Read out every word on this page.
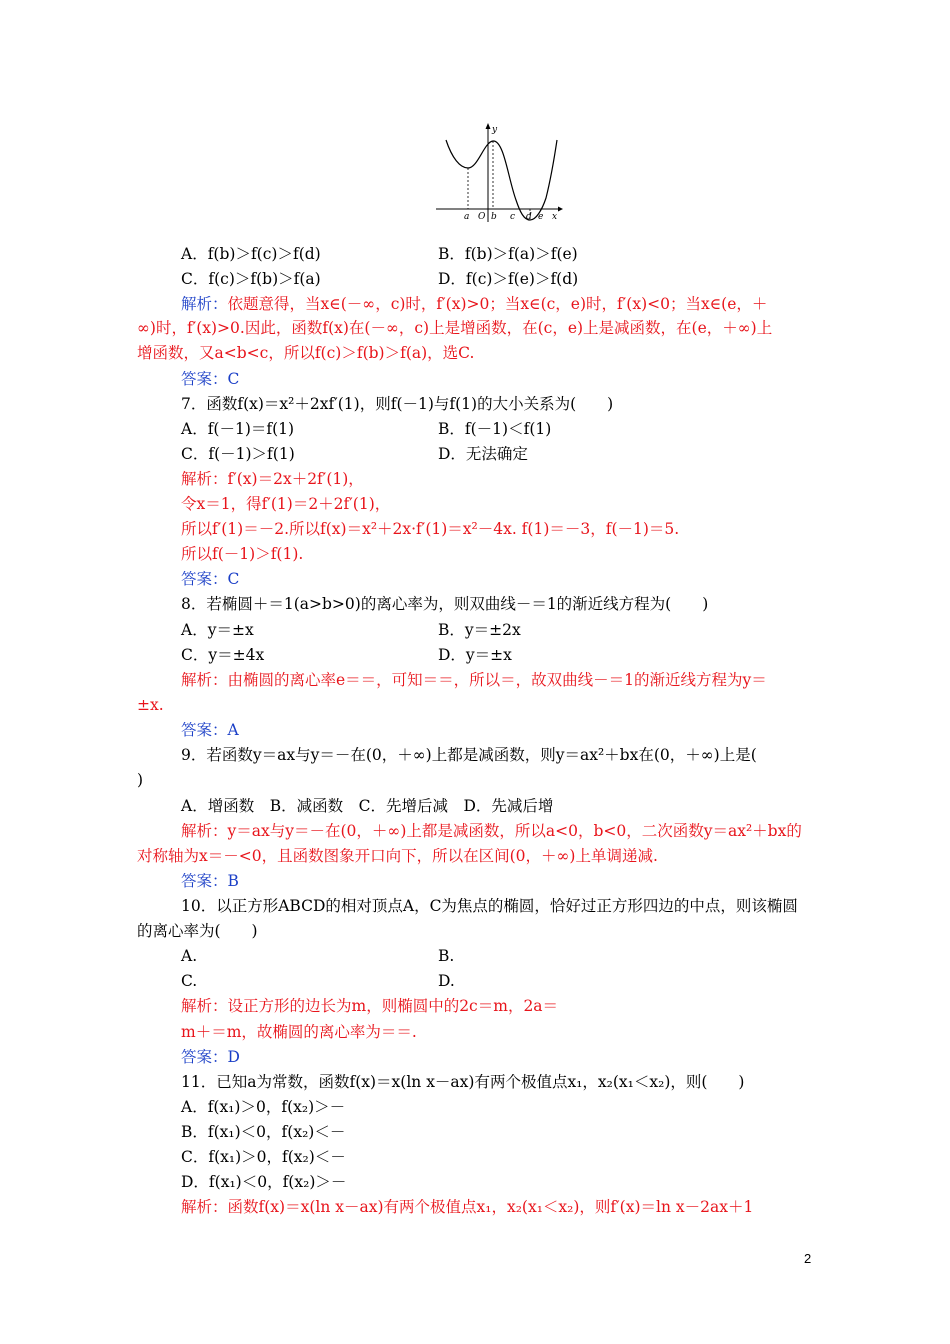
y
x
O
a b c d e
A．f(b)＞f(c)＞f(d)	B．f(b)＞f(a)＞f(e)
C．f(c)＞f(b)＞f(a)	D．f(c)＞f(e)＞f(d)
解析：依题意得，当x∈(－∞，c)时，f′(x)>0；当x∈(c，e)时，f′(x)<0；当x∈(e，＋
∞)时，f′(x)>0.因此，函数f(x)在(－∞，c)上是增函数，在(c，e)上是减函数，在(e，＋∞)上
增函数，又a<b<c，所以f(c)＞f(b)＞f(a)，选C.
答案：C
7．函数f(x)＝x²＋2xf′(1)，则f(－1)与f(1)的大小关系为(　　)
A．f(－1)＝f(1)	B．f(－1)＜f(1)
C．f(－1)＞f(1)	D．无法确定
解析：f′(x)＝2x＋2f′(1)，
令x＝1，得f′(1)＝2＋2f′(1)，
所以f′(1)＝－2.所以f(x)＝x²＋2x·f′(1)＝x²－4x. f(1)＝－3，f(－1)＝5.
所以f(－1)＞f(1).
答案：C
8．若椭圆＋＝1(a>b>0)的离心率为，则双曲线－＝1的渐近线方程为(　　)
A．y＝±x	B．y＝±2x
C．y＝±4x	D．y＝±x
解析：由椭圆的离心率e＝＝，可知＝＝，所以＝，故双曲线－＝1的渐近线方程为y＝
±x.
答案：A
9．若函数y＝ax与y＝－在(0，＋∞)上都是减函数，则y＝ax²＋bx在(0，＋∞)上是(
)
A．增函数　B．减函数　C．先增后减　D．先减后增
解析：y＝ax与y＝－在(0，＋∞)上都是减函数，所以a<0，b<0，二次函数y＝ax²＋bx的
对称轴为x＝－<0，且函数图象开口向下，所以在区间(0，＋∞)上单调递减.
答案：B
10．以正方形ABCD的相对顶点A，C为焦点的椭圆，恰好过正方形四边的中点，则该椭圆
的离心率为(　　)
A.	B.
C.	D.
解析：设正方形的边长为m，则椭圆中的2c＝m，2a＝
m＋＝m，故椭圆的离心率为＝＝.
答案：D
11．已知a为常数，函数f(x)＝x(ln x－ax)有两个极值点x₁，x₂(x₁＜x₂)，则(　　)
A．f(x₁)＞0，f(x₂)＞－
B．f(x₁)＜0，f(x₂)＜－
C．f(x₁)＞0，f(x₂)＜－
D．f(x₁)＜0，f(x₂)＞－
解析：函数f(x)＝x(ln x－ax)有两个极值点x₁，x₂(x₁＜x₂)，则f′(x)＝ln x－2ax＋1
2
